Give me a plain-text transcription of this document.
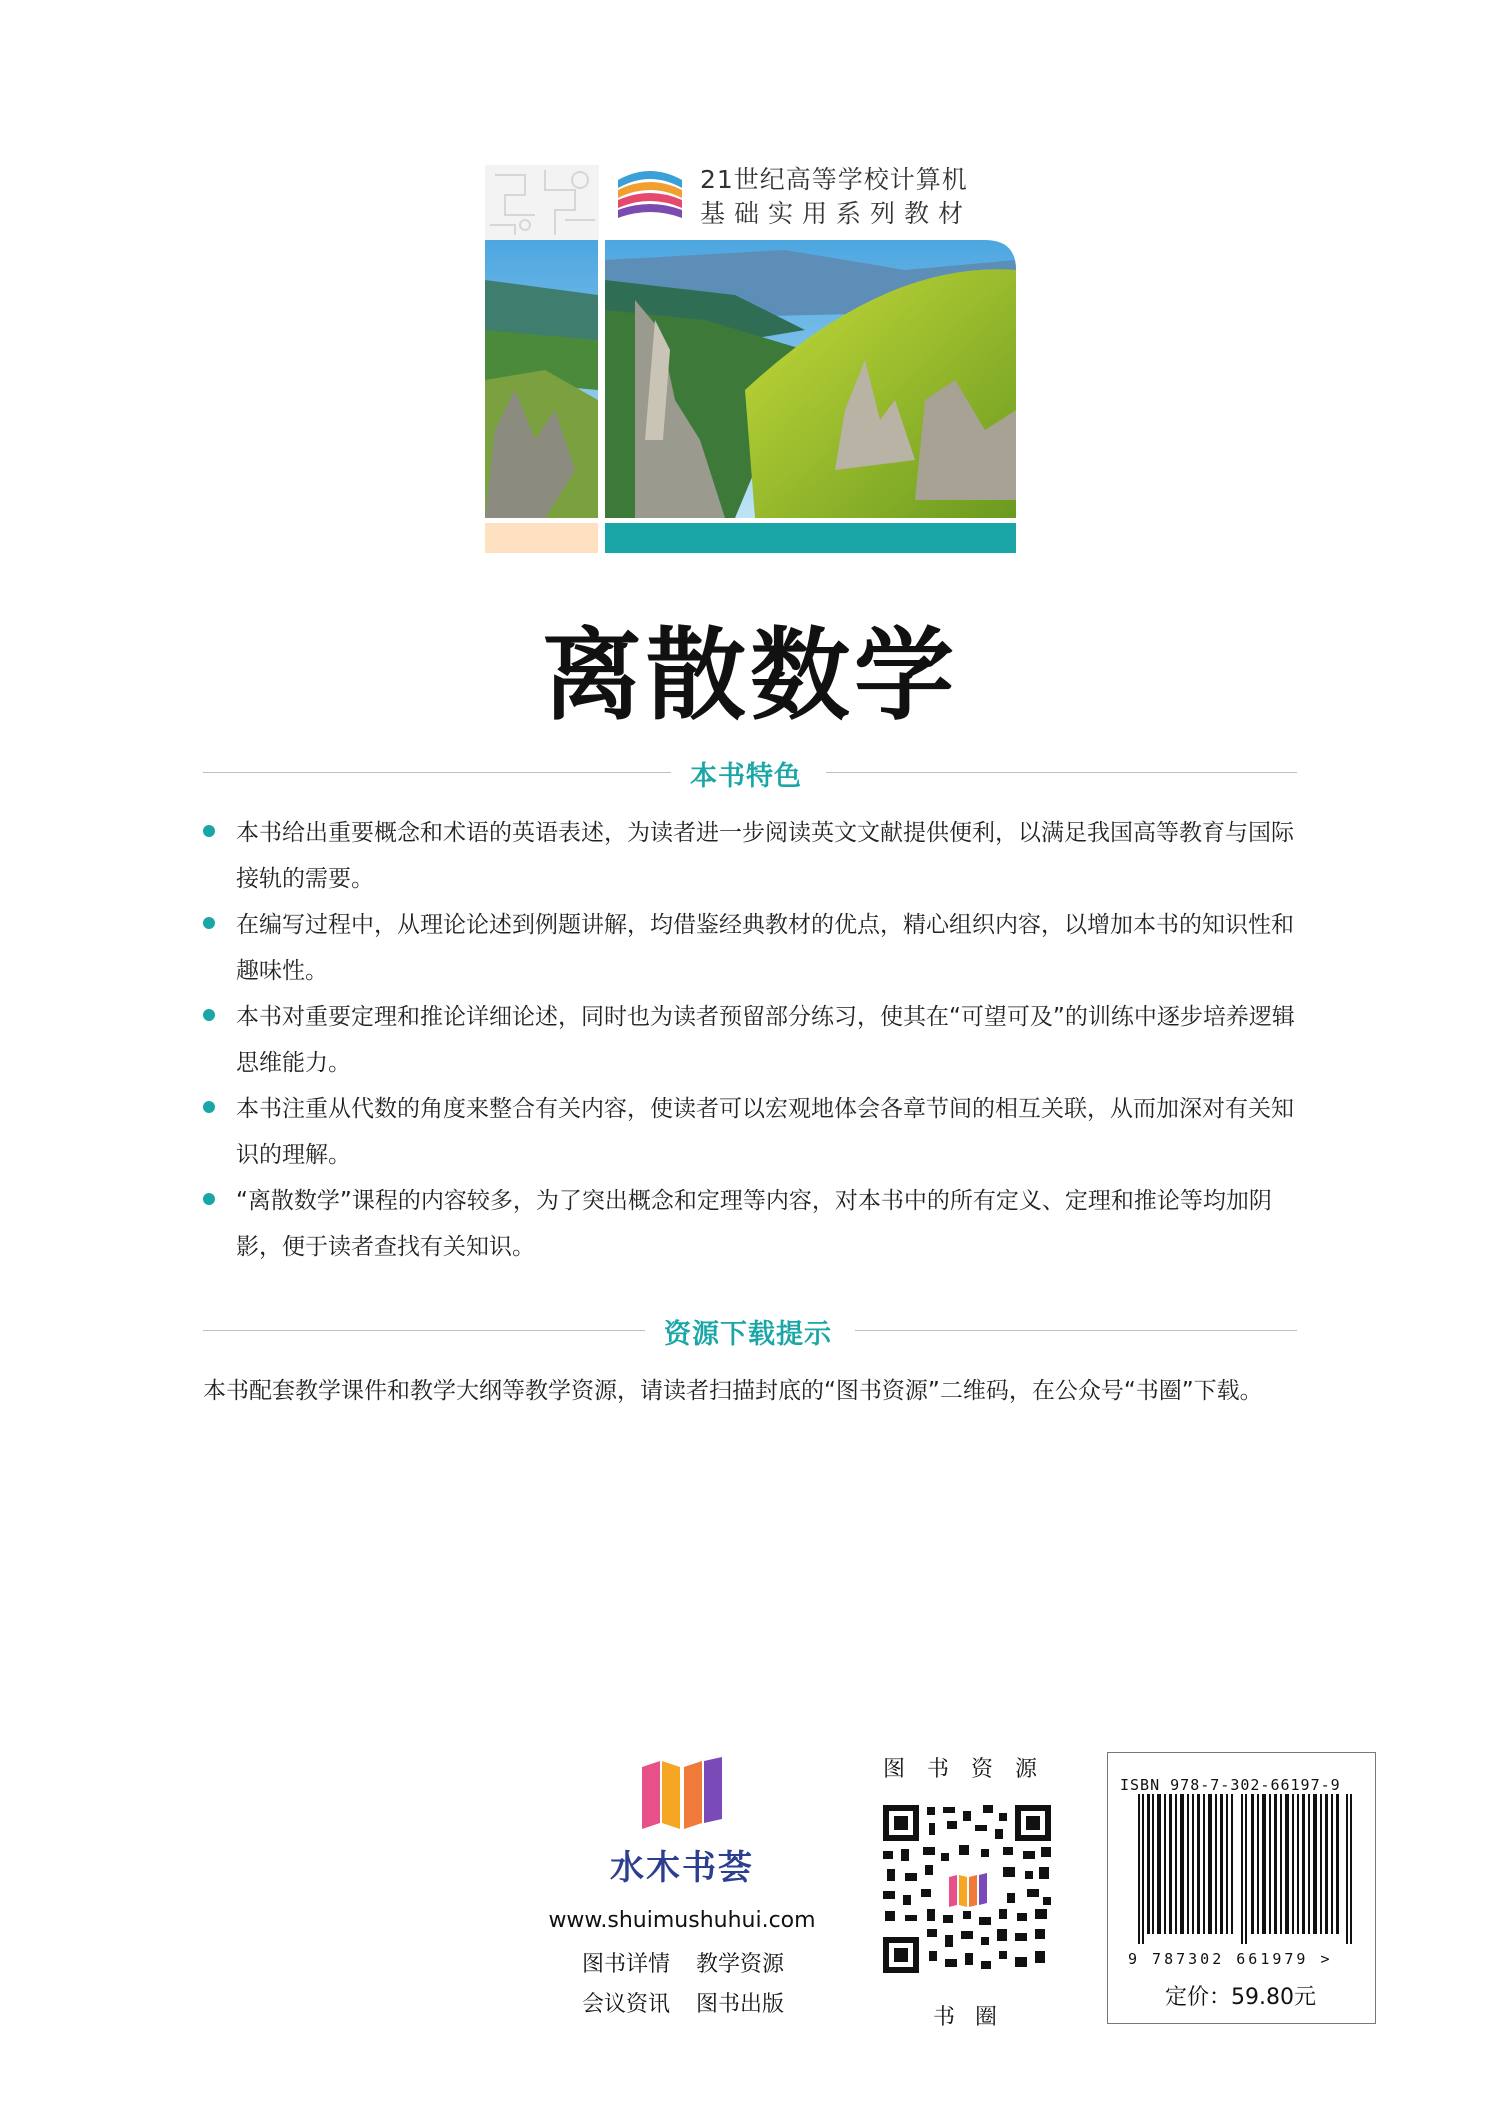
21世纪高等学校计算机
基础实用系列教材
离散数学
本书特色
本书给出重要概念和术语的英语表述，为读者进一步阅读英文文献提供便利，以满足我国高等教育与国际接轨的需要。
在编写过程中，从理论论述到例题讲解，均借鉴经典教材的优点，精心组织内容，以增加本书的知识性和趣味性。
本书对重要定理和推论详细论述，同时也为读者预留部分练习，使其在“可望可及”的训练中逐步培养逻辑思维能力。
本书注重从代数的角度来整合有关内容，使读者可以宏观地体会各章节间的相互关联，从而加深对有关知识的理解。
“离散数学”课程的内容较多，为了突出概念和定理等内容，对本书中的所有定义、定理和推论等均加阴影，便于读者查找有关知识。
资源下载提示
本书配套教学课件和教学大纲等教学资源，请读者扫描封底的“图书资源”二维码，在公众号“书圈”下载。
水木书荟
www.shuimushuhui.com
图书详情 教学资源
会议资讯 图书出版
图书资源
书圈
ISBN 978-7-302-66197-9
9 787302 661979 >
定价：59.80元
